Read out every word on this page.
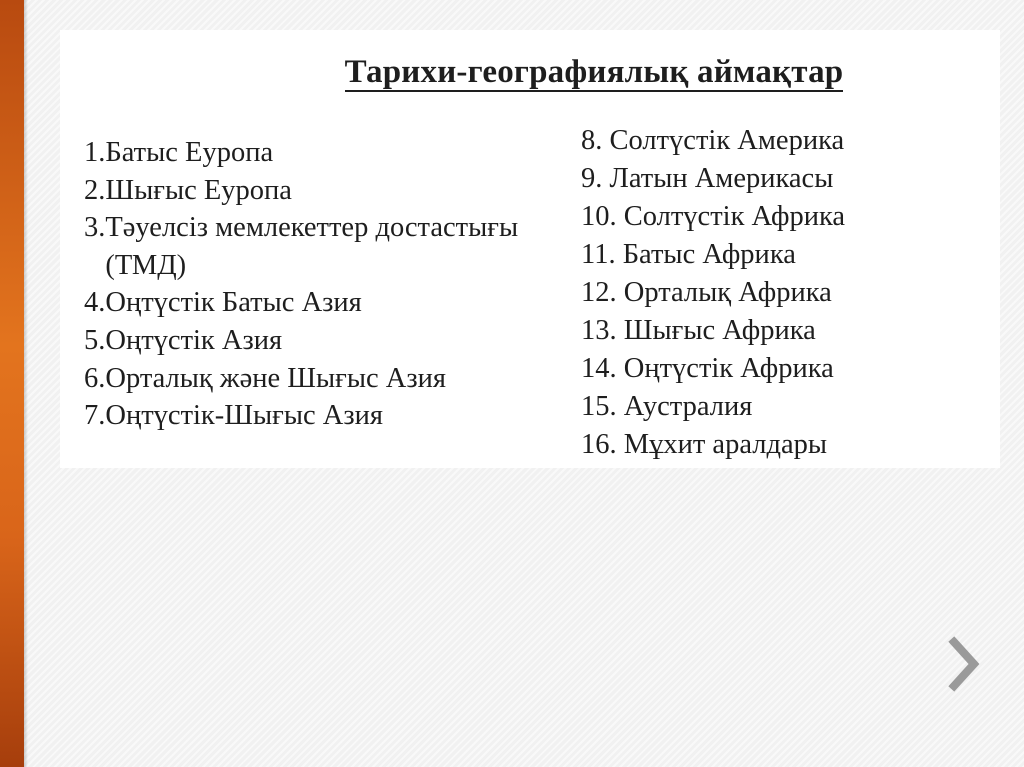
Тарихи-географиялық аймақтар
1. Батыс Еуропа
2. Шығыс Еуропа
3. Тәуелсіз мемлекеттер достастығы (ТМД)
4. Оңтүстік Батыс Азия
5. Оңтүстік Азия
6. Орталық және Шығыс Азия
7. Оңтүстік-Шығыс Азия
8. Солтүстік Америка
9. Латын Америкасы
10. Солтүстік Африка
11. Батыс Африка
12. Орталық Африка
13. Шығыс Африка
14. Оңтүстік Африка
15. Аустралия
16. Мұхит аралдары
